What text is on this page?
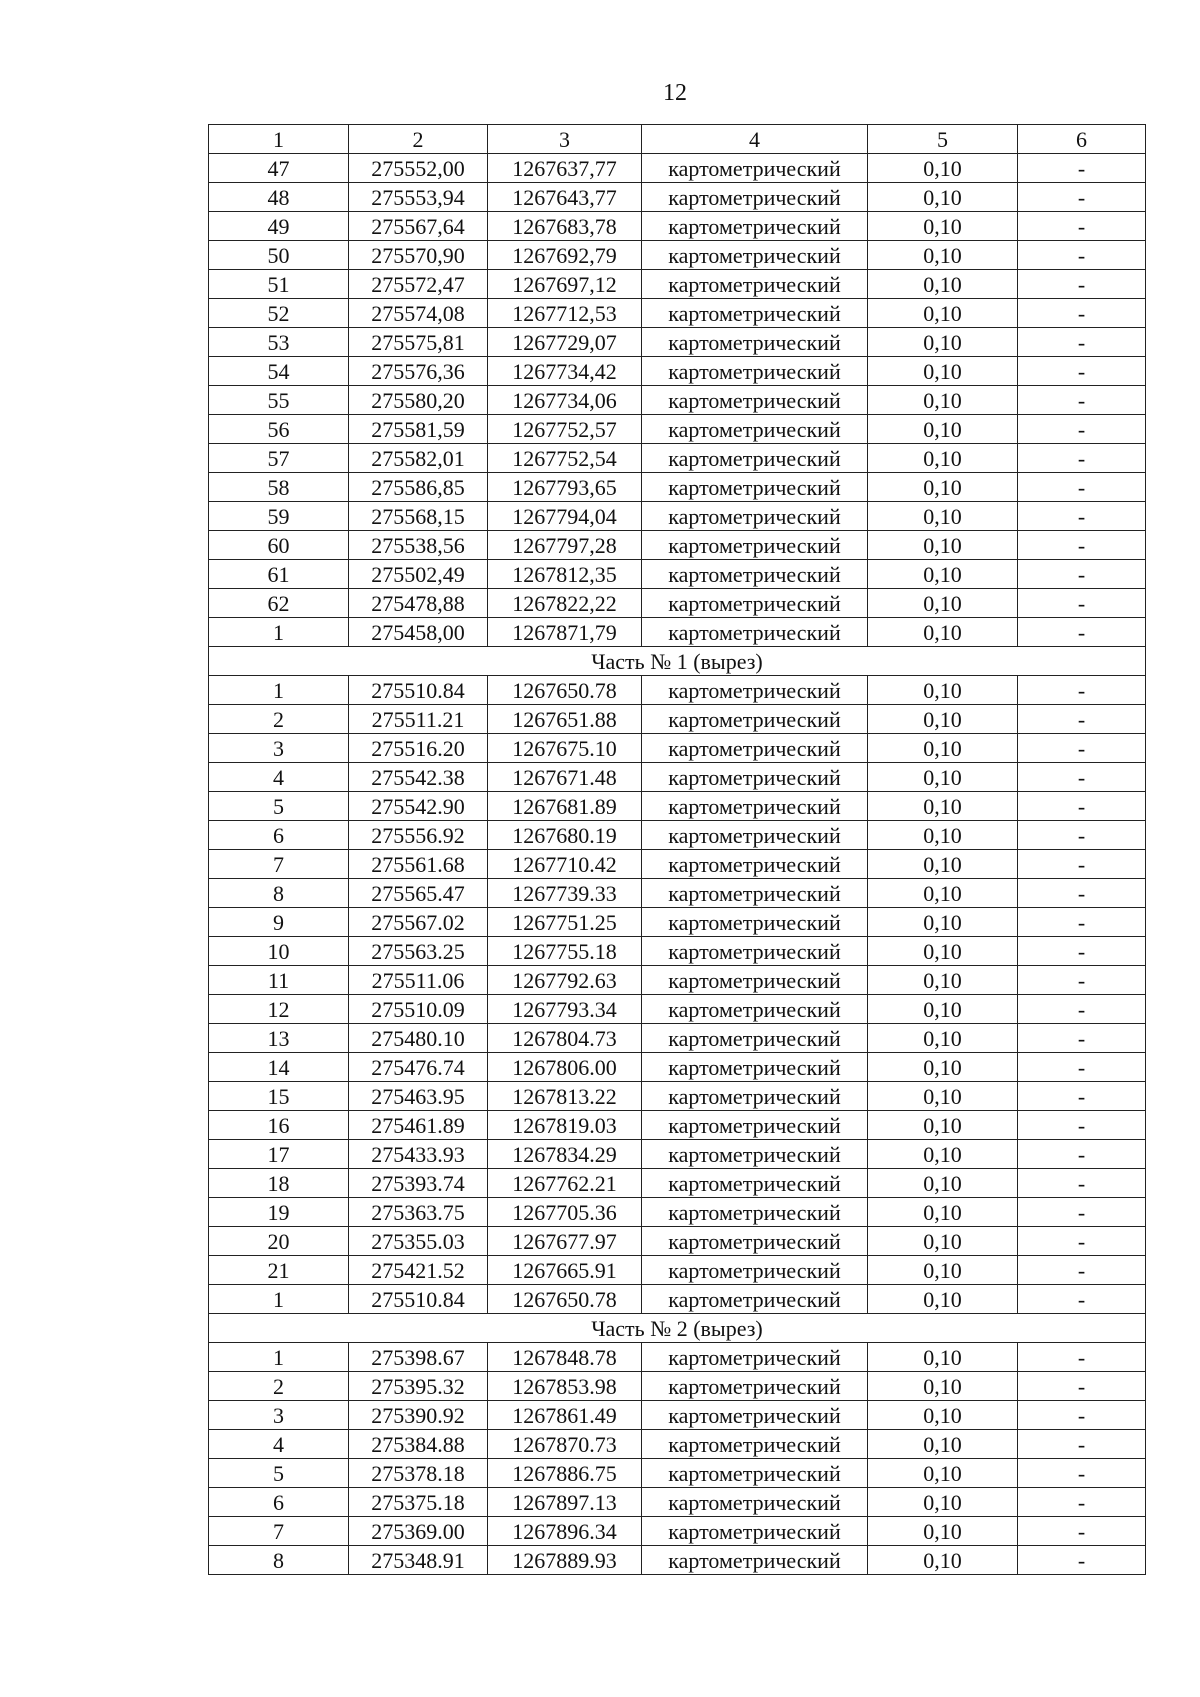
12
1	2	3	4	5	6
47	275552,00	1267637,77	картометрический	0,10	-
48	275553,94	1267643,77	картометрический	0,10	-
49	275567,64	1267683,78	картометрический	0,10	-
50	275570,90	1267692,79	картометрический	0,10	-
51	275572,47	1267697,12	картометрический	0,10	-
52	275574,08	1267712,53	картометрический	0,10	-
53	275575,81	1267729,07	картометрический	0,10	-
54	275576,36	1267734,42	картометрический	0,10	-
55	275580,20	1267734,06	картометрический	0,10	-
56	275581,59	1267752,57	картометрический	0,10	-
57	275582,01	1267752,54	картометрический	0,10	-
58	275586,85	1267793,65	картометрический	0,10	-
59	275568,15	1267794,04	картометрический	0,10	-
60	275538,56	1267797,28	картометрический	0,10	-
61	275502,49	1267812,35	картометрический	0,10	-
62	275478,88	1267822,22	картометрический	0,10	-
1	275458,00	1267871,79	картометрический	0,10	-
Часть № 1 (вырез)					
1	275510.84	1267650.78	картометрический	0,10	-
2	275511.21	1267651.88	картометрический	0,10	-
3	275516.20	1267675.10	картометрический	0,10	-
4	275542.38	1267671.48	картометрический	0,10	-
5	275542.90	1267681.89	картометрический	0,10	-
6	275556.92	1267680.19	картометрический	0,10	-
7	275561.68	1267710.42	картометрический	0,10	-
8	275565.47	1267739.33	картометрический	0,10	-
9	275567.02	1267751.25	картометрический	0,10	-
10	275563.25	1267755.18	картометрический	0,10	-
11	275511.06	1267792.63	картометрический	0,10	-
12	275510.09	1267793.34	картометрический	0,10	-
13	275480.10	1267804.73	картометрический	0,10	-
14	275476.74	1267806.00	картометрический	0,10	-
15	275463.95	1267813.22	картометрический	0,10	-
16	275461.89	1267819.03	картометрический	0,10	-
17	275433.93	1267834.29	картометрический	0,10	-
18	275393.74	1267762.21	картометрический	0,10	-
19	275363.75	1267705.36	картометрический	0,10	-
20	275355.03	1267677.97	картометрический	0,10	-
21	275421.52	1267665.91	картометрический	0,10	-
1	275510.84	1267650.78	картометрический	0,10	-
Часть № 2 (вырез)					
1	275398.67	1267848.78	картометрический	0,10	-
2	275395.32	1267853.98	картометрический	0,10	-
3	275390.92	1267861.49	картометрический	0,10	-
4	275384.88	1267870.73	картометрический	0,10	-
5	275378.18	1267886.75	картометрический	0,10	-
6	275375.18	1267897.13	картометрический	0,10	-
7	275369.00	1267896.34	картометрический	0,10	-
8	275348.91	1267889.93	картометрический	0,10	-
